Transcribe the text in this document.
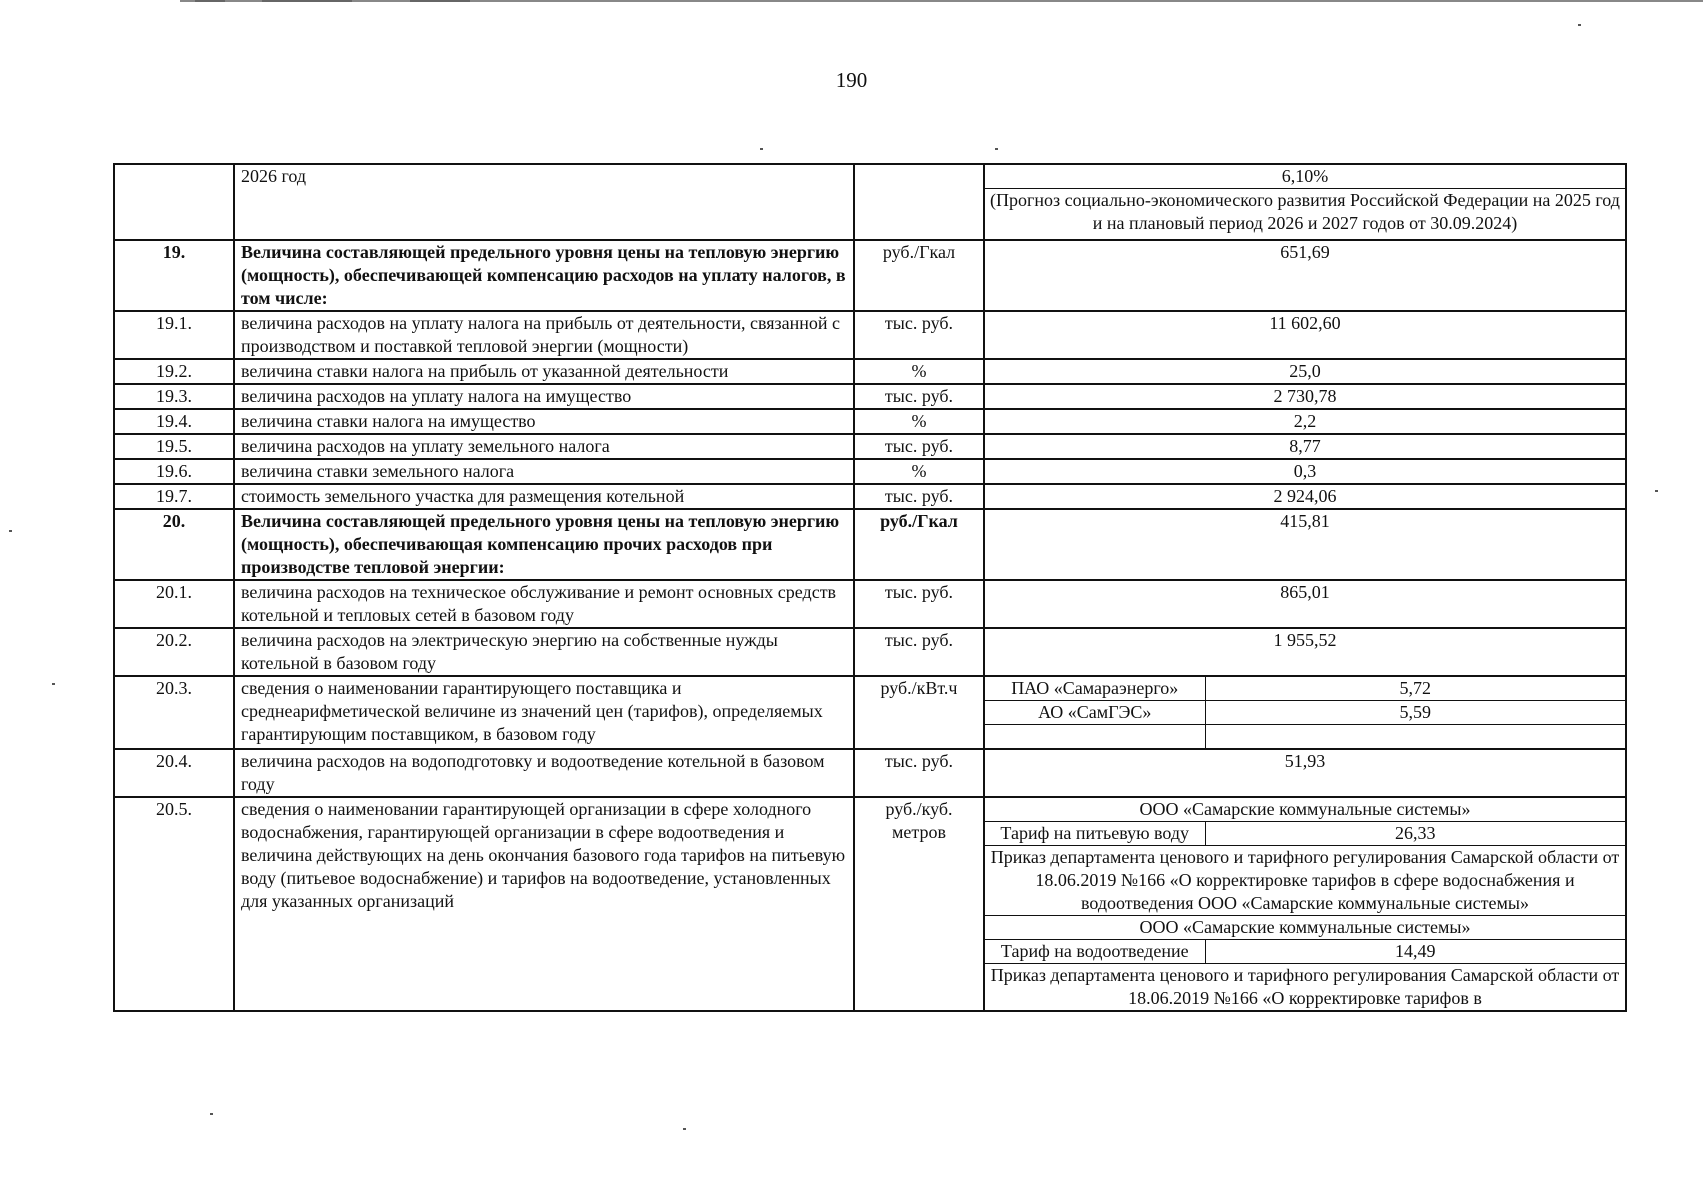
190
	2026 год			6,10%
(Прогноз социально-экономического развития Российской Федерации на 2025 год и на плановый период 2026 и 2027 годов от 30.09.2024)

19.	Величина составляющей предельного уровня цены на тепловую энергию (мощность), обеспечивающей компенсацию расходов на уплату налогов, в том числе:	руб./Гкал	651,69
19.1.	величина расходов на уплату налога на прибыль от деятельности, связанной с производством и поставкой тепловой энергии (мощности)	тыс. руб.	11 602,60
19.2.	величина ставки налога на прибыль от указанной деятельности	%	25,0
19.3.	величина расходов на уплату налога на имущество	тыс. руб.	2 730,78
19.4.	величина ставки налога на имущество	%	2,2
19.5.	величина расходов на уплату земельного налога	тыс. руб.	8,77
19.6.	величина ставки земельного налога	%	0,3
19.7.	стоимость земельного участка для размещения котельной	тыс. руб.	2 924,06
20.	Величина составляющей предельного уровня цены на тепловую энергию (мощность), обеспечивающая компенсацию прочих расходов при производстве тепловой энергии:	руб./Гкал	415,81
20.1.	величина расходов на техническое обслуживание и ремонт основных средств котельной и тепловых сетей в базовом году	тыс. руб.	865,01
20.2.	величина расходов на электрическую энергию на собственные нужды котельной в базовом году	тыс. руб.	1 955,52
20.3.	сведения о наименовании гарантирующего поставщика и среднеарифметической величине из значений цен (тарифов), определяемых гарантирующим поставщиком, в базовом году	руб./кВт.ч		ПАО «Самараэнерго»	5,72
АО «СамГЭС»	5,59

20.4.	величина расходов на водоподготовку и водоотведение котельной в базовом году	тыс. руб.	51,93
20.5.	сведения о наименовании гарантирующей организации в сфере холодного водоснабжения, гарантирующей организации в сфере водоотведения и величина действующих на день окончания базового года тарифов на питьевую воду (питьевое водоснабжение) и тарифов на водоотведение, установленных для указанных организаций	руб./куб. метров	
ООО «Самарские коммунальные системы»
Тариф на питьевую воду	26,33
Приказ департамента ценового и тарифного регулирования Самарской области от 18.06.2019 №166 «О корректировке тарифов в сфере водоснабжения и водоотведения ООО «Самарские коммунальные системы»
ООО «Самарские коммунальные системы»
Тариф на водоотведение	14,49
Приказ департамента ценового и тарифного регулирования Самарской области от 18.06.2019 №166 «О корректировке тарифов в
